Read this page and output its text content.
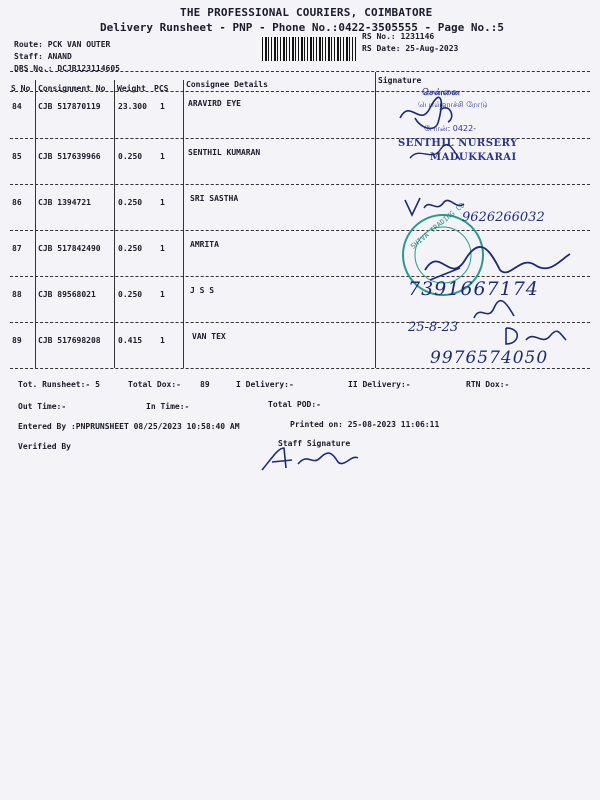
THE PROFESSIONAL COURIERS, COIMBATORE
Delivery Runsheet - PNP - Phone No.:0422-3505555 - Page No.:5
Route: PCK VAN OUTER
Staff: ANAND
DRS No.: DCJB123114605
RS No.: 1231146
RS Date: 25-Aug-2023
S No Consignment No Weight PCS Consignee Details	Signature
84 CJB 517870119 23.300 1	ARAVIRD EYE
85 CJB 517639966 0.250 1	SENTHIL KUMARAN
86 CJB 1394721	0.250 1	SRI SASTHA
87 CJB 517842490 0.250 1	AMRITA
88 CJB 89568021	0.250 1	J S S
89 CJB 517698208 0.415 1	VAN TEX
சென்னை
பொள்ளாச்சி ரோடு
போன்: 0422-
SENTHIL NURSERY
MADUKKARAI
SHIVA TRADING CO
9626266032
7391667174
25-8-23
9976574050
Tot. Runsheet:- 5	Total Dox:- 89	I Delivery:-	II Delivery:-	RTN Dox:-
Out Time:-	In Time:-	Total POD:-
Entered By :PNPRUNSHEET 08/25/2023 10:58:40 AM	Printed on: 25-08-2023 11:06:11
Verified By	Staff Signature
